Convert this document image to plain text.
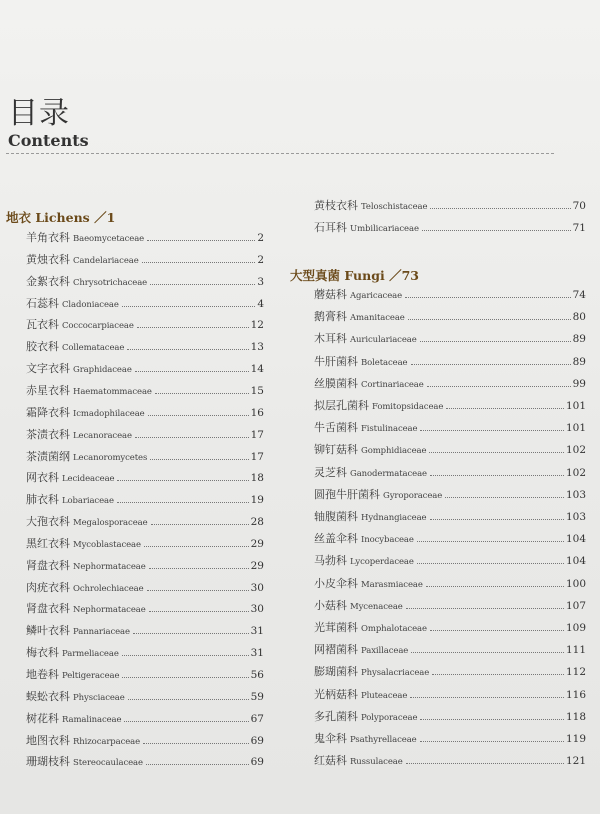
目录
Contents
地衣 Lichens ／1
羊角衣科 Baeomycetaceae	2
黄烛衣科 Candelariaceae	2
金絮衣科 Chrysotrichaceae	3
石蕊科 Cladoniaceae	4
瓦衣科 Coccocarpiaceae	12
胶衣科 Collemataceae	13
文字衣科 Graphidaceae	14
赤星衣科 Haematommaceae	15
霜降衣科 Icmadophilaceae	16
茶渍衣科 Lecanoraceae	17
茶渍菌纲 Lecanoromycetes	17
网衣科 Lecideaceae	18
肺衣科 Lobariaceae	19
大孢衣科 Megalosporaceae	28
黑红衣科 Mycoblastaceae	29
肾盘衣科 Nephormataceae	29
肉疣衣科 Ochrolechiaceae	30
肾盘衣科 Nephormataceae	30
鳞叶衣科 Pannariaceae	31
梅衣科 Parmeliaceae	31
地卷科 Peltigeraceae	56
蜈蚣衣科 Physciaceae	59
树花科 Ramalinaceae	67
地图衣科 Rhizocarpaceae	69
珊瑚枝科 Stereocaulaceae	69
大型真菌 Fungi ／73
黄枝衣科 Teloschistaceae	70
石耳科 Umbilicariaceae	71
蘑菇科 Agaricaceae	74
鹅膏科 Amanitaceae	80
木耳科 Auriculariaceae	89
牛肝菌科 Boletaceae	89
丝膜菌科 Cortinariaceae	99
拟层孔菌科 Fomitopsidaceae	101
牛舌菌科 Fistulinaceae	101
铆钉菇科 Gomphidiaceae	102
灵芝科 Ganodermataceae	102
圆孢牛肝菌科 Gyroporaceae	103
轴腹菌科 Hydnangiaceae	103
丝盖伞科 Inocybaceae	104
马勃科 Lycoperdaceae	104
小皮伞科 Marasmiaceae	100
小菇科 Mycenaceae	107
光茸菌科 Omphalotaceae	109
网褶菌科 Paxillaceae	111
膨瑚菌科 Physalacriaceae	112
光柄菇科 Pluteaceae	116
多孔菌科 Polyporaceae	118
鬼伞科 Psathyrellaceae	119
红菇科 Russulaceae	121
